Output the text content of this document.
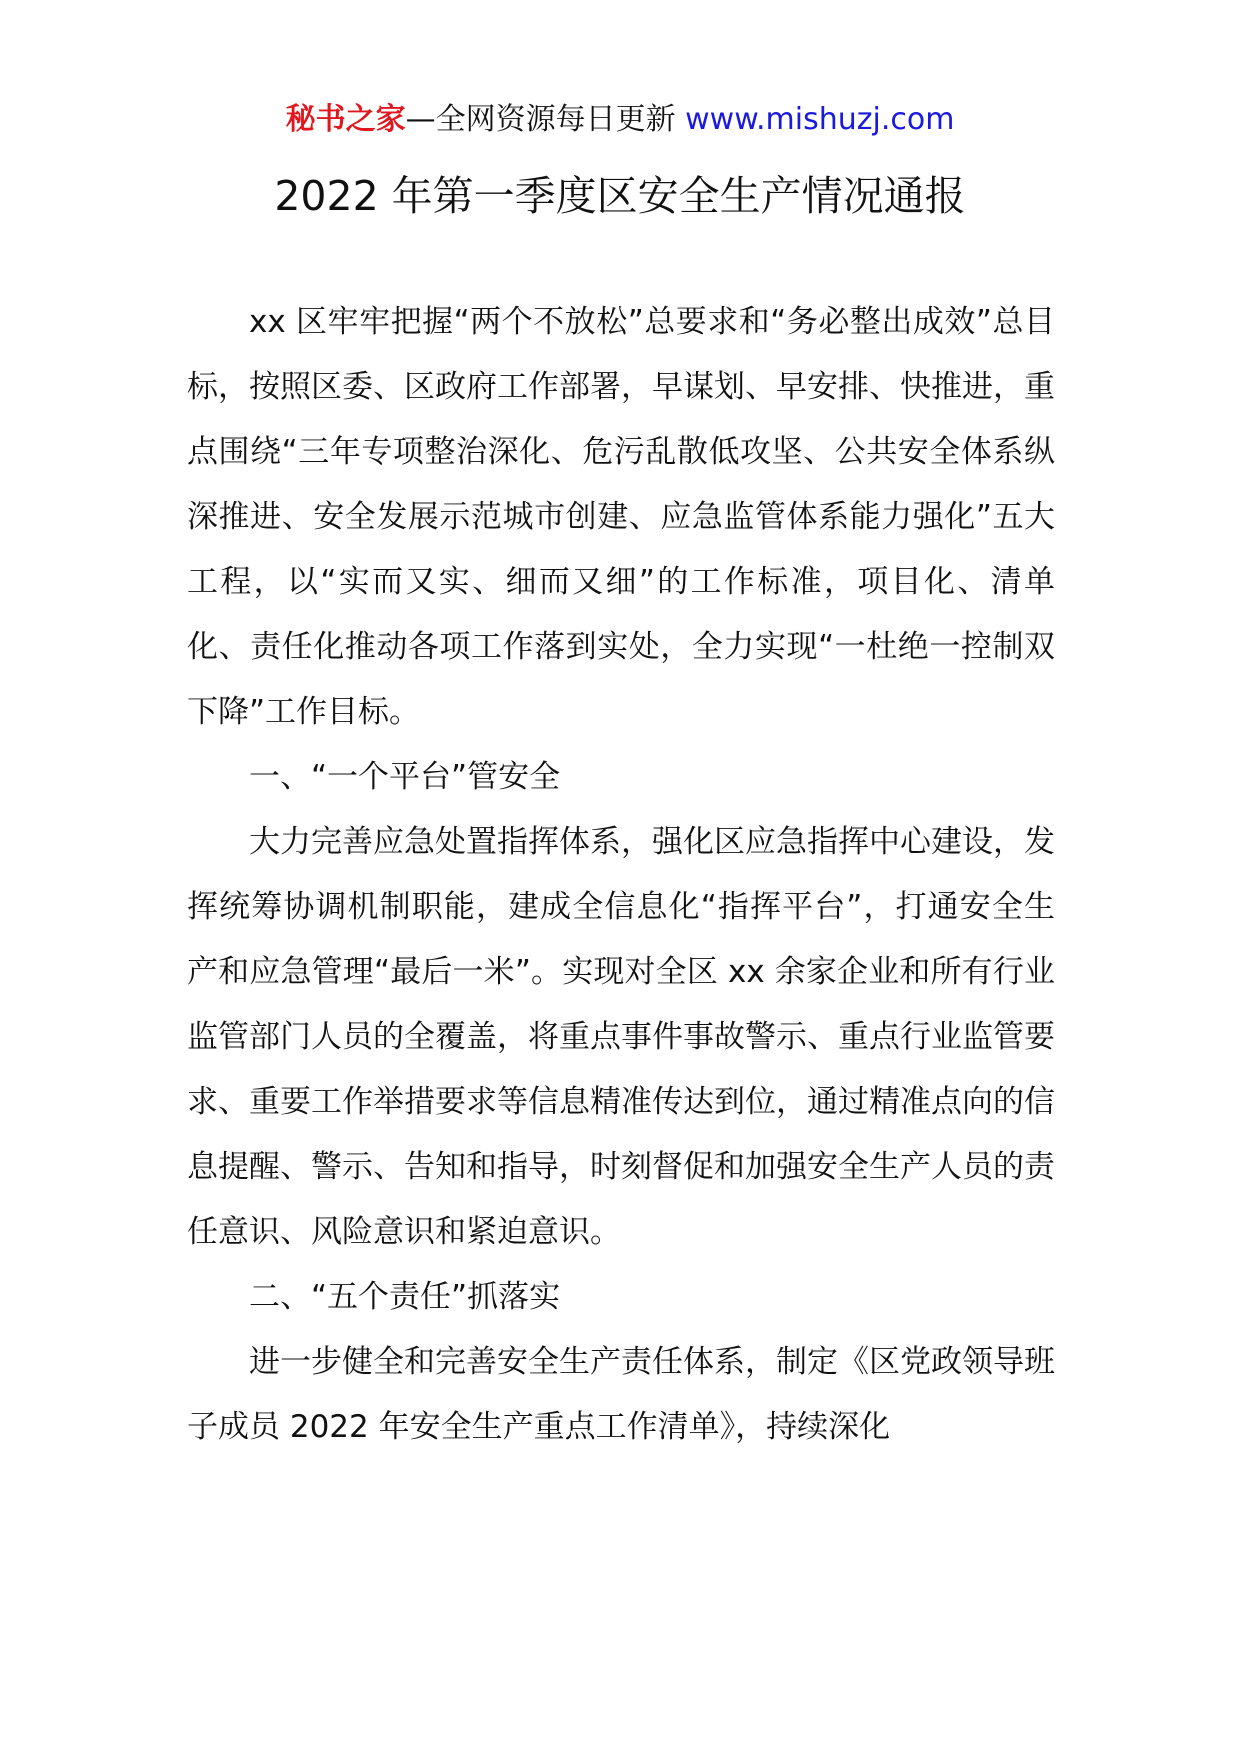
秘书之家—全网资源每日更新 www.mishuzj.com
2022 年第一季度区安全生产情况通报

xx 区牢牢把握“两个不放松”总要求和“务必整出成效”总目标，按照区委、区政府工作部署，早谋划、早安排、快推进，重点围绕“三年专项整治深化、危污乱散低攻坚、公共安全体系纵深推进、安全发展示范城市创建、应急监管体系能力强化”五大工程，以“实而又实、细而又细”的工作标准，项目化、清单化、责任化推动各项工作落到实处，全力实现“一杜绝一控制双下降”工作目标。

一、“一个平台”管安全

大力完善应急处置指挥体系，强化区应急指挥中心建设，发挥统筹协调机制职能，建成全信息化“指挥平台”，打通安全生产和应急管理“最后一米”。实现对全区 xx 余家企业和所有行业监管部门人员的全覆盖，将重点事件事故警示、重点行业监管要求、重要工作举措要求等信息精准传达到位，通过精准点向的信息提醒、警示、告知和指导，时刻督促和加强安全生产人员的责任意识、风险意识和紧迫意识。

二、“五个责任”抓落实

进一步健全和完善安全生产责任体系，制定《区党政领导班子成员 2022 年安全生产重点工作清单》，持续深化
